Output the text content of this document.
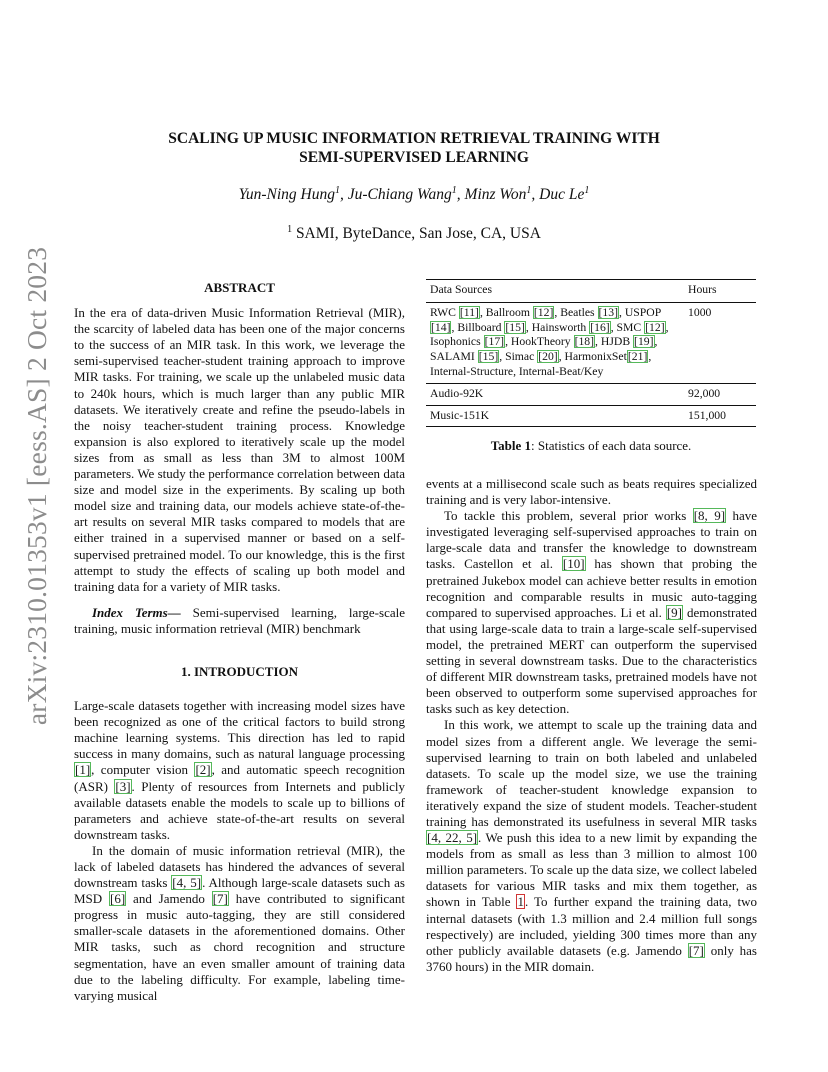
arXiv:2310.01353v1 [eess.AS] 2 Oct 2023
SCALING UP MUSIC INFORMATION RETRIEVAL TRAINING WITH
SEMI-SUPERVISED LEARNING
Yun-Ning Hung$^1$, Ju-Chiang Wang$^1$, Minz Won$^1$, Duc Le$^1$
$^1$ SAMI, ByteDance, San Jose, CA, USA

ABSTRACT

In the era of data-driven Music Information Retrieval (MIR), the scarcity of labeled data has been one of the major concerns to the success of an MIR task. In this work, we leverage the semi-supervised teacher-student training approach to improve MIR tasks. For training, we scale up the unlabeled music data to 240k hours, which is much larger than any public MIR datasets. We iteratively create and refine the pseudo-labels in the noisy teacher-student training process. Knowledge expansion is also explored to iteratively scale up the model sizes from as small as less than 3M to almost 100M parameters. We study the performance correlation between data size and model size in the experiments. By scaling up both model size and training data, our models achieve state-of-the-art results on several MIR tasks compared to models that are either trained in a supervised manner or based on a self-supervised pretrained model. To our knowledge, this is the first attempt to study the effects of scaling up both model and training data for a variety of MIR tasks.

Index Terms— Semi-supervised learning, large-scale training, music information retrieval (MIR) benchmark

1. INTRODUCTION

Large-scale datasets together with increasing model sizes have been recognized as one of the critical factors to build strong machine learning systems. This direction has led to rapid success in many domains, such as natural language processing [1], computer vision [2], and automatic speech recognition (ASR) [3]. Plenty of resources from Internets and publicly available datasets enable the models to scale up to billions of parameters and achieve state-of-the-art results on several downstream tasks.

In the domain of music information retrieval (MIR), the lack of labeled datasets has hindered the advances of several downstream tasks [4, 5]. Although large-scale datasets such as MSD [6] and Jamendo [7] have contributed to significant progress in music auto-tagging, they are still considered smaller-scale datasets in the aforementioned domains. Other MIR tasks, such as chord recognition and structure segmentation, have an even smaller amount of training data due to the labeling difficulty. For example, labeling time-varying musical

Data Sources	Hours
RWC [11], Ballroom [12], Beatles [13], USPOP [14], Billboard [15], Hainsworth [16], SMC [12], Isophonics [17], HookTheory [18], HJDB [19], SALAMI [15], Simac [20], HarmonixSet[21], Internal-Structure, Internal-Beat/Key	1000
Audio-92K	92,000
Music-151K	151,000
Table 1: Statistics of each data source.

events at a millisecond scale such as beats requires specialized training and is very labor-intensive.

To tackle this problem, several prior works [8, 9] have investigated leveraging self-supervised approaches to train on large-scale data and transfer the knowledge to downstream tasks. Castellon et al. [10] has shown that probing the pretrained Jukebox model can achieve better results in emotion recognition and comparable results in music auto-tagging compared to supervised approaches. Li et al. [9] demonstrated that using large-scale data to train a large-scale self-supervised model, the pretrained MERT can outperform the supervised setting in several downstream tasks. Due to the characteristics of different MIR downstream tasks, pretrained models have not been observed to outperform some supervised approaches for tasks such as key detection.

In this work, we attempt to scale up the training data and model sizes from a different angle. We leverage the semi-supervised learning to train on both labeled and unlabeled datasets. To scale up the model size, we use the training framework of teacher-student knowledge expansion to iteratively expand the size of student models. Teacher-student training has demonstrated its usefulness in several MIR tasks [4, 22, 5]. We push this idea to a new limit by expanding the models from as small as less than 3 million to almost 100 million parameters. To scale up the data size, we collect labeled datasets for various MIR tasks and mix them together, as shown in Table 1. To further expand the training data, two internal datasets (with 1.3 million and 2.4 million full songs respectively) are included, yielding 300 times more than any other publicly available datasets (e.g. Jamendo [7] only has 3760 hours) in the MIR domain.
